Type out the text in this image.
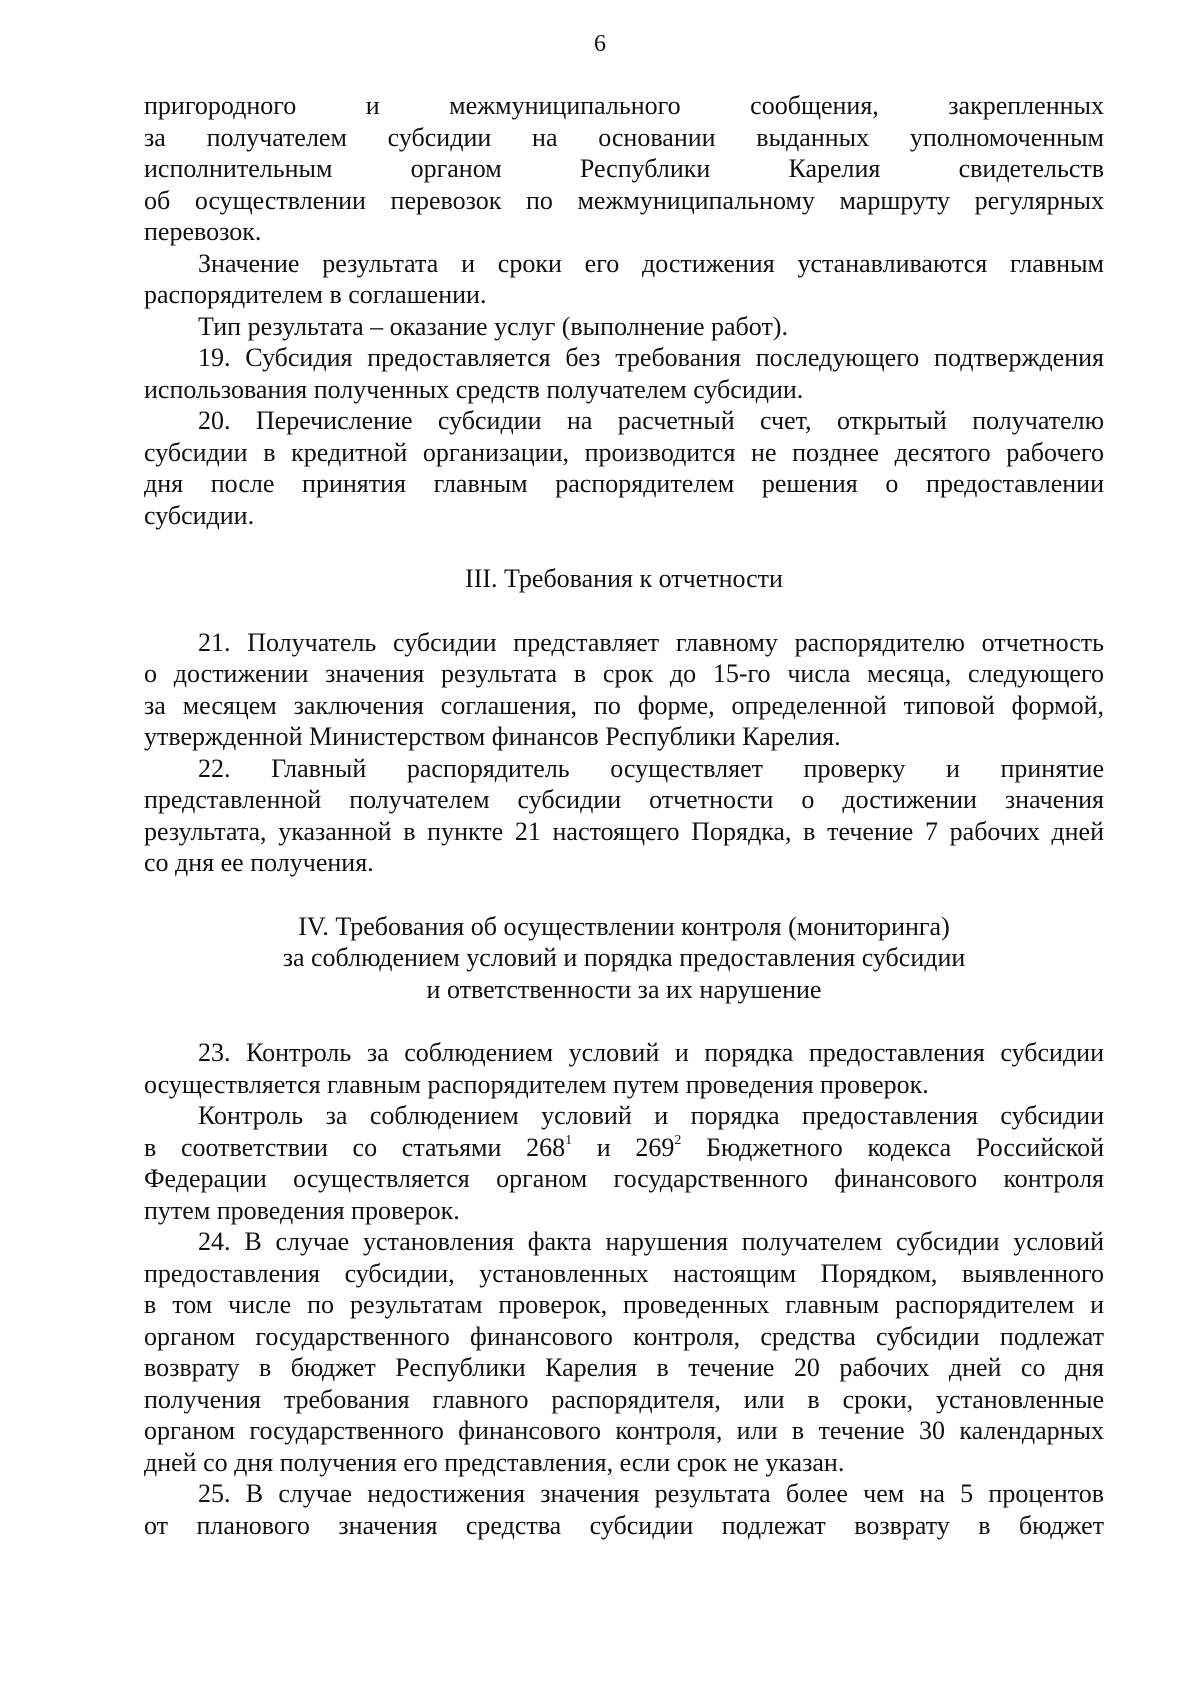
6

пригородного и межмуниципального сообщения, закрепленных
за получателем субсидии на основании выданных уполномоченным
исполнительным органом Республики Карелия свидетельств
об осуществлении перевозок по межмуниципальному маршруту регулярных
перевозок.

Значение результата и сроки его достижения устанавливаются главным
распорядителем в соглашении.

Тип результата – оказание услуг (выполнение работ).

19. Субсидия предоставляется без требования последующего подтверждения
использования полученных средств получателем субсидии.

20. Перечисление субсидии на расчетный счет, открытый получателю
субсидии в кредитной организации, производится не позднее десятого рабочего
дня после принятия главным распорядителем решения о предоставлении
субсидии.

III. Требования к отчетности

21. Получатель субсидии представляет главному распорядителю отчетность
о достижении значения результата в срок до 15-го числа месяца, следующего
за месяцем заключения соглашения, по форме, определенной типовой формой,
утвержденной Министерством финансов Республики Карелия.

22. Главный распорядитель осуществляет проверку и принятие
представленной получателем субсидии отчетности о достижении значения
результата, указанной в пункте 21 настоящего Порядка, в течение 7 рабочих дней
со дня ее получения.

IV. Требования об осуществлении контроля (мониторинга)
за соблюдением условий и порядка предоставления субсидии
и ответственности за их нарушение

23. Контроль за соблюдением условий и порядка предоставления субсидии
осуществляется главным распорядителем путем проведения проверок.

Контроль за соблюдением условий и порядка предоставления субсидии
в соответствии со статьями $268^1$ и $269^2$ Бюджетного кодекса Российской
Федерации осуществляется органом государственного финансового контроля
путем проведения проверок.

24. В случае установления факта нарушения получателем субсидии условий
предоставления субсидии, установленных настоящим Порядком, выявленного
в том числе по результатам проверок, проведенных главным распорядителем и
органом государственного финансового контроля, средства субсидии подлежат
возврату в бюджет Республики Карелия в течение 20 рабочих дней со дня
получения требования главного распорядителя, или в сроки, установленные
органом государственного финансового контроля, или в течение 30 календарных
дней со дня получения его представления, если срок не указан.

25. В случае недостижения значения результата более чем на 5 процентов
от планового значения средства субсидии подлежат возврату в бюджет
